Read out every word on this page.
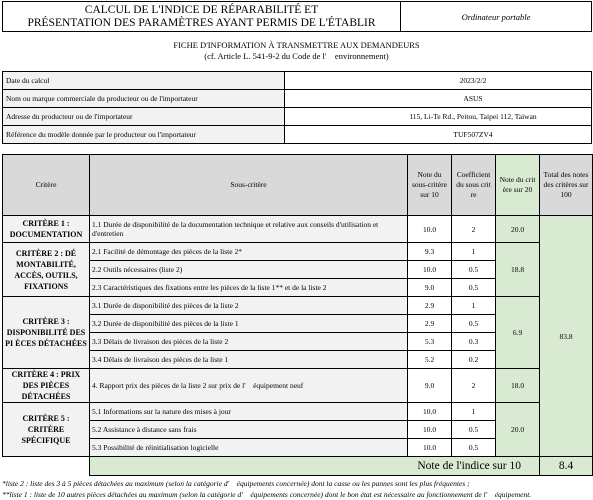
CALCUL DE L'INDICE DE RÉPARABILITÉ ET
PRÉSENTATION DES PARAMÈTRES AYANT PERMIS DE L'ÉTABLIR	Ordinateur portable
FICHE D'INFORMATION À TRANSMETTRE AUX DEMANDEURS
(cf. Article L. 541-9-2 du Code de l'　environnement)
Date du calcul	2023/2/2
Nom ou marque commerciale du producteur ou de l'importateur	ASUS
Adresse du producteur ou de l'importateur	115, Li-Te Rd., Peitou, Taipei 112, Taiwan
Référence du modèle donnée par le producteur ou l'importateur	TUF507ZV4
Critère	Sous-critère	Note du sous-critère sur 10	Coefficient du sous crit re	Note du crit ère sur 20	Total des notes des critères sur 100
CRITÈRE 1 : DOCUMENTATION	1.1 Durée de disponibilité de la documentation technique et relative aux conseils d'utilisation et d'entretien	10.0	2	20.0	83.8
CRITÈRE 2 : DÉ MONTABILITÉ, ACCÈS, OUTILS, FIXATIONS	2.1 Facilité de démontage des pièces de la liste 2*	9.3	1	18.8	
	2.2 Outils nécessaires (liste 2)	10.0	0.5		
	2.3 Caractéristiques des fixations entre les pièces de la liste 1** et de la liste 2	9.0	0.5		
CRITÈRE 3 : DISPONIBILITÉ DES PI ÈCES DÉTACHÉES	3.1 Durée de disponibilité des pièces de la liste 2	2.9	1	6.9	
	3.2 Durée de disponibilité des pièces de la liste 1	2.9	0.5		
	3.3 Délais de livraison des pièces de la liste 2	5.3	0.3		
	3.4 Délais de livraison des pièces de la liste 1	5.2	0.2		
CRITÈRE 4 : PRIX DES PIÈCES DÉTACHÉES	4. Rapport prix des pièces de la liste 2 sur prix de l'　équipement neuf	9.0	2	18.0	
CRITÈRE 5 : CRITÈRE SPÉCIFIQUE	5.1 Informations sur la nature des mises à jour	10.0	1	20.0	
	5.2 Assistance à distance sans frais	10.0	0.5		
	5.3 Possibilité de réinitialisation logicielle	10.0	0.5		
	Note de l'indice sur 10				8.4
*liste 2 : liste des 3 à 5 pièces détachées au maximum (selon la catégorie d'　équipements concernée) dont la casse ou les pannes sont les plus fréquentes ;
**liste 1 : liste de 10 autres pièces détachées au maximum (selon la catégorie d'　équipements concernée) dont le bon état est nécessaire au fonctionnement de l'　équipement.
